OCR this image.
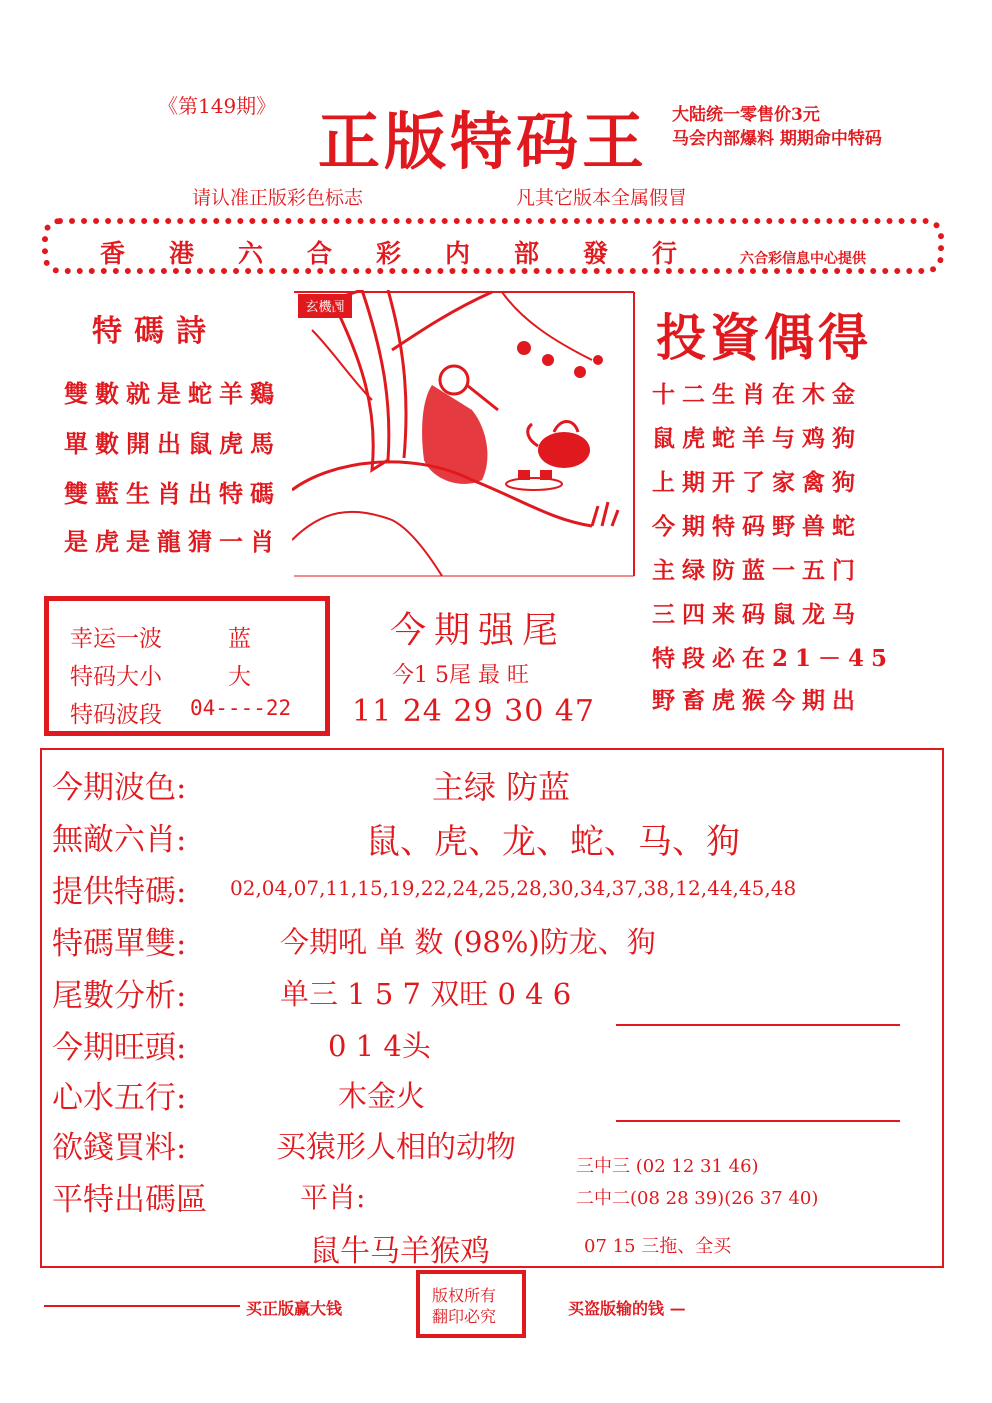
《第149期》 正版特码王 大陆统一零售价3元
马会内部爆料 期期命中特码
请认准正版彩色标志	凡其它版本全属假冒
香港六合彩内部發行 六合彩信息中心提供
特碼詩
雙數就是蛇羊鷄
單數開出鼠虎馬
雙藍生肖出特碼
是虎是龍猜一肖
玄機圖
投資偶得
十二生肖在木金
鼠虎蛇羊与鸡狗
上期开了家禽狗
今期特码野兽蛇
主绿防蓝一五门
三四来码鼠龙马
特段必在21－45
野畜虎猴今期出
幸运一波	蓝
特码大小	大
特码波段 04----22
今期强尾
今1 5尾 最 旺
11 24 29 30 47
今期波色:	主绿 防蓝
無敵六肖:	鼠、虎、龙、蛇、马、狗
提供特碼: 02,04,07,11,15,19,22,24,25,28,30,34,37,38,12,44,45,48
特碼單雙:	今期吼 单 数 (98%)防龙、狗
尾數分析:	单三 1 5 7 双旺 0 4 6
今期旺頭:	0 1 4头
心水五行:	木金火
欲錢買料:	买猿形人相的动物
平特出碼區	平肖:
鼠牛马羊猴鸡
三中三 (02 12 31 46)
二中二(08 28 39)(26 37 40)
07 15 三拖、全买
买正版赢大钱
版权所有
翻印必究	买盗版输的钱 —
